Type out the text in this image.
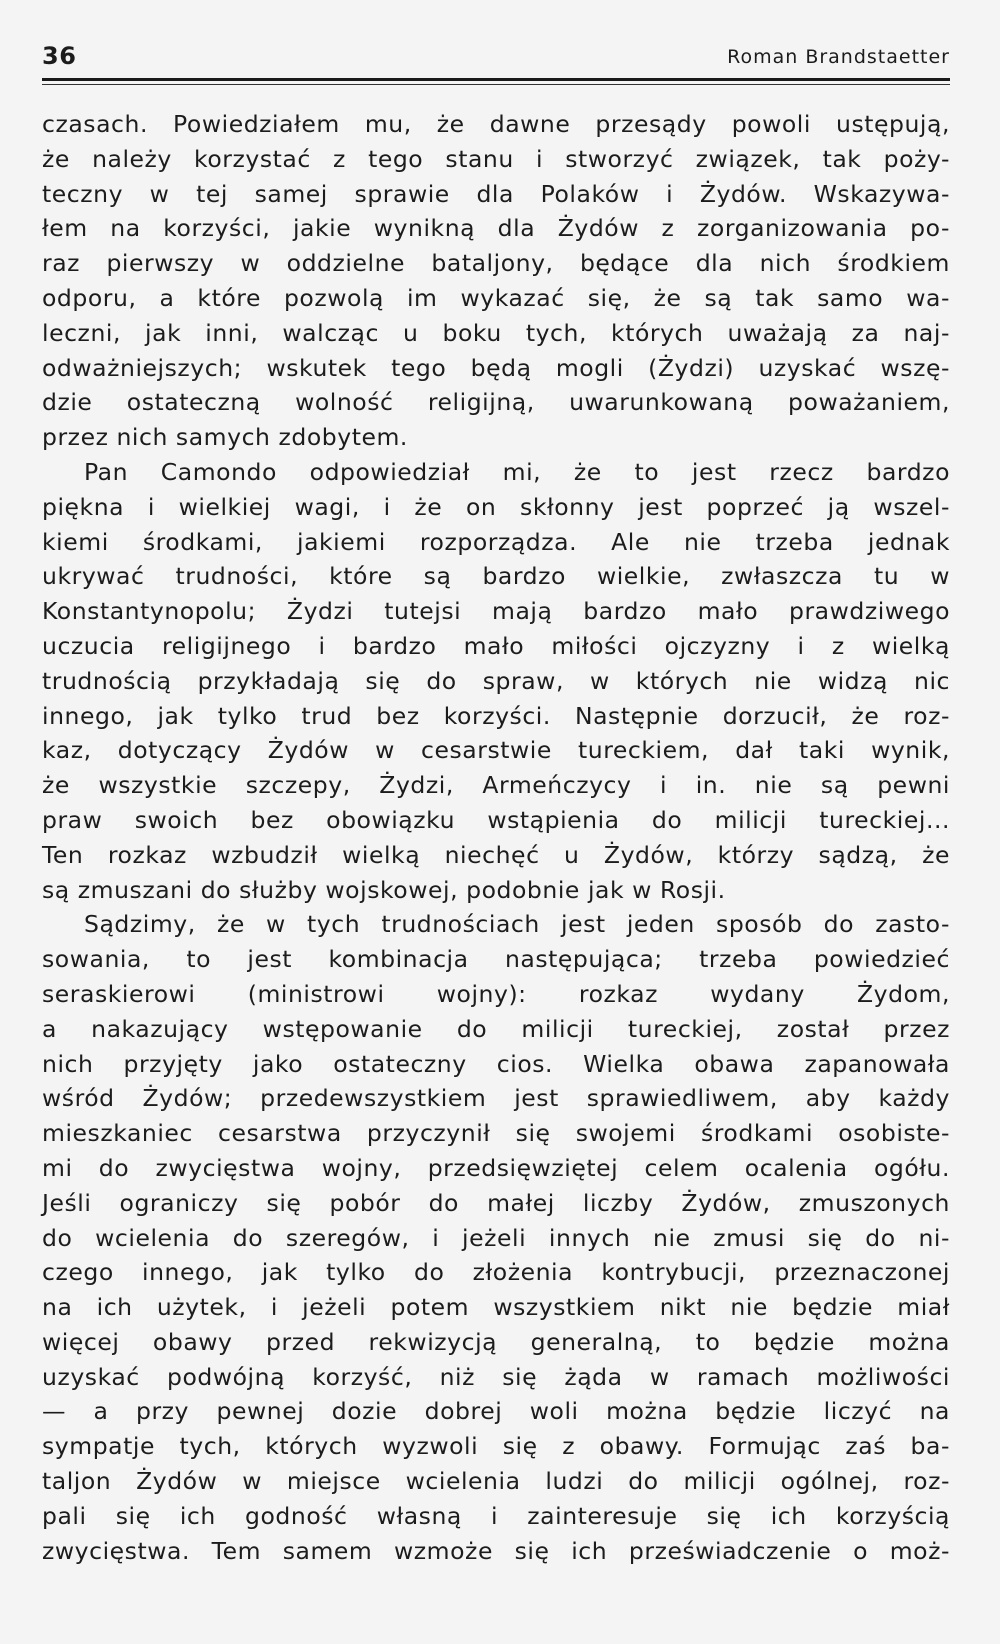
36	Roman Brandstaetter
czasach. Powiedziałem mu, że dawne przesądy powoli ustępują,
że należy korzystać z tego stanu i stworzyć związek, tak poży-
teczny w tej samej sprawie dla Polaków i Żydów. Wskazywa-
łem na korzyści, jakie wynikną dla Żydów z zorganizowania po-
raz pierwszy w oddzielne bataljony, będące dla nich środkiem
odporu, a które pozwolą im wykazać się, że są tak samo wa-
leczni, jak inni, walcząc u boku tych, których uważają za naj-
odważniejszych; wskutek tego będą mogli (Żydzi) uzyskać wszę-
dzie ostateczną wolność religijną, uwarunkowaną poważaniem,
przez nich samych zdobytem.
Pan Camondo odpowiedział mi, że to jest rzecz bardzo
piękna i wielkiej wagi, i że on skłonny jest poprzeć ją wszel-
kiemi środkami, jakiemi rozporządza. Ale nie trzeba jednak
ukrywać trudności, które są bardzo wielkie, zwłaszcza tu w
Konstantynopolu; Żydzi tutejsi mają bardzo mało prawdziwego
uczucia religijnego i bardzo mało miłości ojczyzny i z wielką
trudnością przykładają się do spraw, w których nie widzą nic
innego, jak tylko trud bez korzyści. Następnie dorzucił, że roz-
kaz, dotyczący Żydów w cesarstwie tureckiem, dał taki wynik,
że wszystkie szczepy, Żydzi, Armeńczycy i in. nie są pewni
praw swoich bez obowiązku wstąpienia do milicji tureckiej...
Ten rozkaz wzbudził wielką niechęć u Żydów, którzy sądzą, że
są zmuszani do służby wojskowej, podobnie jak w Rosji.
Sądzimy, że w tych trudnościach jest jeden sposób do zasto-
sowania, to jest kombinacja następująca; trzeba powiedzieć
seraskierowi (ministrowi wojny): rozkaz wydany Żydom,
a nakazujący wstępowanie do milicji tureckiej, został przez
nich przyjęty jako ostateczny cios. Wielka obawa zapanowała
wśród Żydów; przedewszystkiem jest sprawiedliwem, aby każdy
mieszkaniec cesarstwa przyczynił się swojemi środkami osobiste-
mi do zwycięstwa wojny, przedsięwziętej celem ocalenia ogółu.
Jeśli ograniczy się pobór do małej liczby Żydów, zmuszonych
do wcielenia do szeregów, i jeżeli innych nie zmusi się do ni-
czego innego, jak tylko do złożenia kontrybucji, przeznaczonej
na ich użytek, i jeżeli potem wszystkiem nikt nie będzie miał
więcej obawy przed rekwizycją generalną, to będzie można
uzyskać podwójną korzyść, niż się żąda w ramach możliwości
— a przy pewnej dozie dobrej woli można będzie liczyć na
sympatje tych, których wyzwoli się z obawy. Formując zaś ba-
taljon Żydów w miejsce wcielenia ludzi do milicji ogólnej, roz-
pali się ich godność własną i zainteresuje się ich korzyścią
zwycięstwa. Tem samem wzmoże się ich przeświadczenie o moż-
